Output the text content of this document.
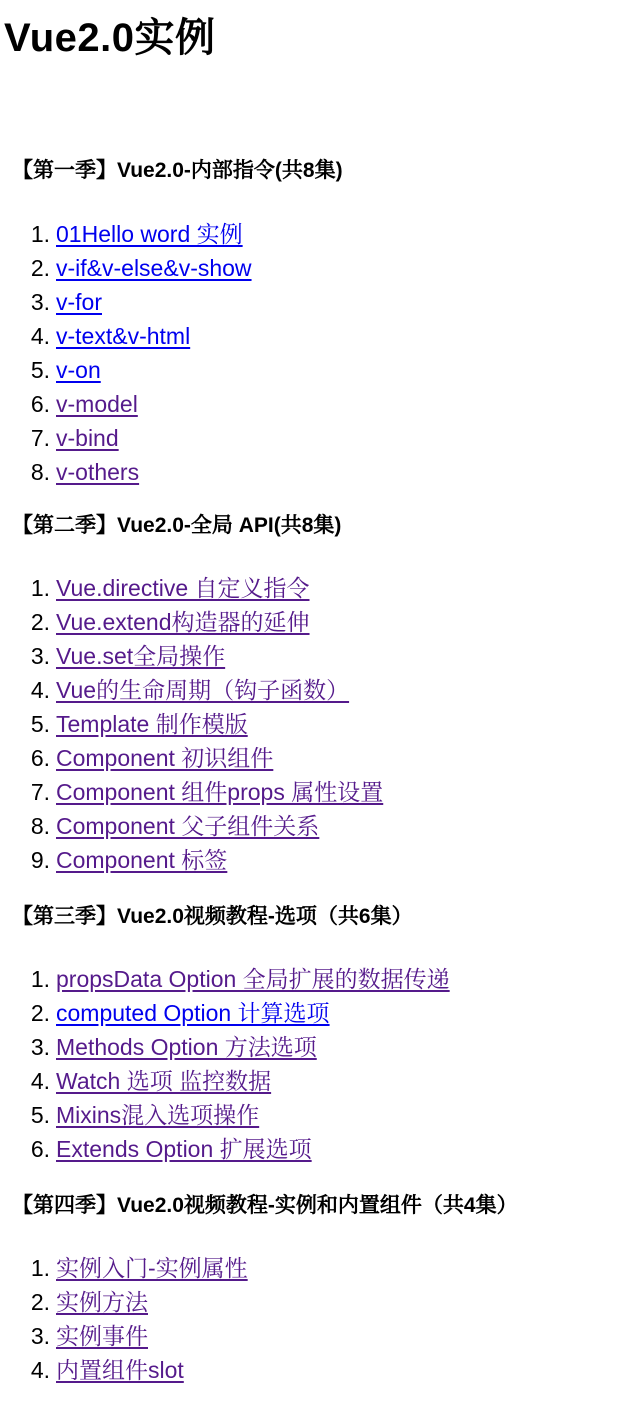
Vue2.0实例
【第一季】Vue2.0-内部指令(共8集)
1. 01Hello word 实例
2. v-if&v-else&v-show
3. v-for
4. v-text&v-html
5. v-on
6. v-model
7. v-bind
8. v-others
【第二季】Vue2.0-全局 API(共8集)
1. Vue.directive 自定义指令
2. Vue.extend构造器的延伸
3. Vue.set全局操作
4. Vue的生命周期（钩子函数）
5. Template 制作模版
6. Component 初识组件
7. Component 组件props 属性设置
8. Component 父子组件关系
9. Component 标签
【第三季】Vue2.0视频教程-选项（共6集）
1. propsData Option 全局扩展的数据传递
2. computed Option 计算选项
3. Methods Option 方法选项
4. Watch 选项 监控数据
5. Mixins混入选项操作
6. Extends Option 扩展选项
【第四季】Vue2.0视频教程-实例和内置组件（共4集）
1. 实例入门-实例属性
2. 实例方法
3. 实例事件
4. 内置组件slot
